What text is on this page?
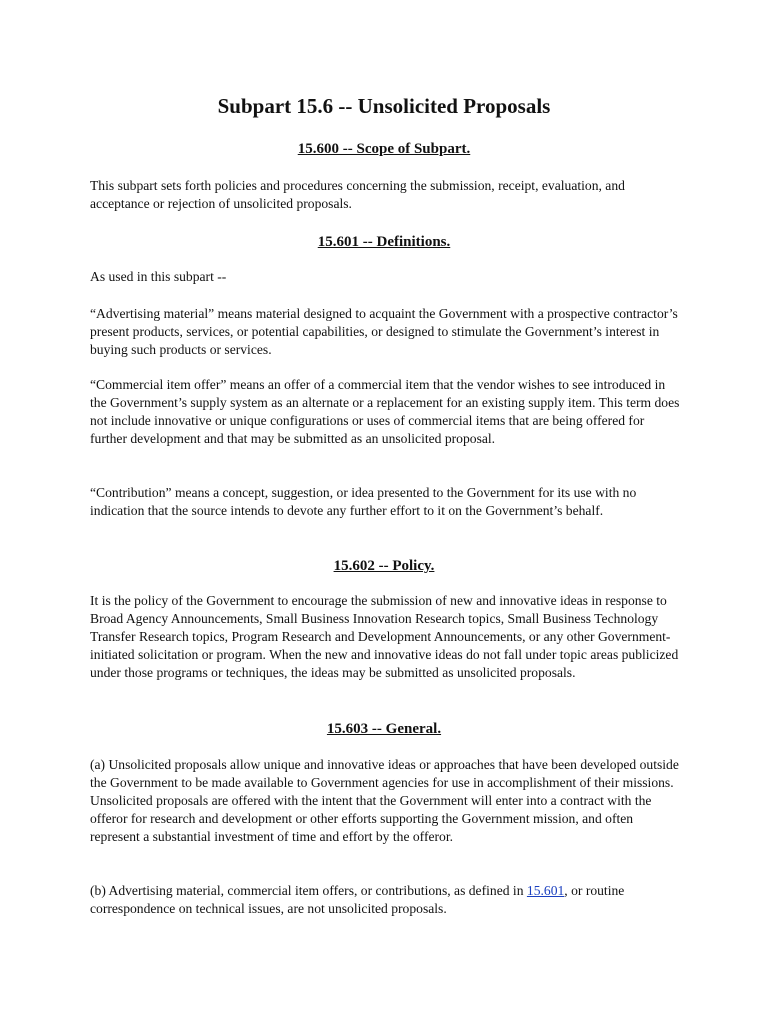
Subpart 15.6 -- Unsolicited Proposals
15.600 -- Scope of Subpart.

This subpart sets forth policies and procedures concerning the submission, receipt, evaluation, and acceptance or rejection of unsolicited proposals.

15.601 -- Definitions.

As used in this subpart --

“Advertising material” means material designed to acquaint the Government with a prospective contractor’s present products, services, or potential capabilities, or designed to stimulate the Government’s interest in buying such products or services.

“Commercial item offer” means an offer of a commercial item that the vendor wishes to see introduced in the Government’s supply system as an alternate or a replacement for an existing supply item. This term does not include innovative or unique configurations or uses of commercial items that are being offered for further development and that may be submitted as an unsolicited proposal.

“Contribution” means a concept, suggestion, or idea presented to the Government for its use with no indication that the source intends to devote any further effort to it on the Government’s behalf.

15.602 -- Policy.

It is the policy of the Government to encourage the submission of new and innovative ideas in response to Broad Agency Announcements, Small Business Innovation Research topics, Small Business Technology Transfer Research topics, Program Research and Development Announcements, or any other Government-initiated solicitation or program. When the new and innovative ideas do not fall under topic areas publicized under those programs or techniques, the ideas may be submitted as unsolicited proposals.

15.603 -- General.

(a) Unsolicited proposals allow unique and innovative ideas or approaches that have been developed outside the Government to be made available to Government agencies for use in accomplishment of their missions. Unsolicited proposals are offered with the intent that the Government will enter into a contract with the offeror for research and development or other efforts supporting the Government mission, and often represent a substantial investment of time and effort by the offeror.

(b) Advertising material, commercial item offers, or contributions, as defined in 15.601, or routine correspondence on technical issues, are not unsolicited proposals.
